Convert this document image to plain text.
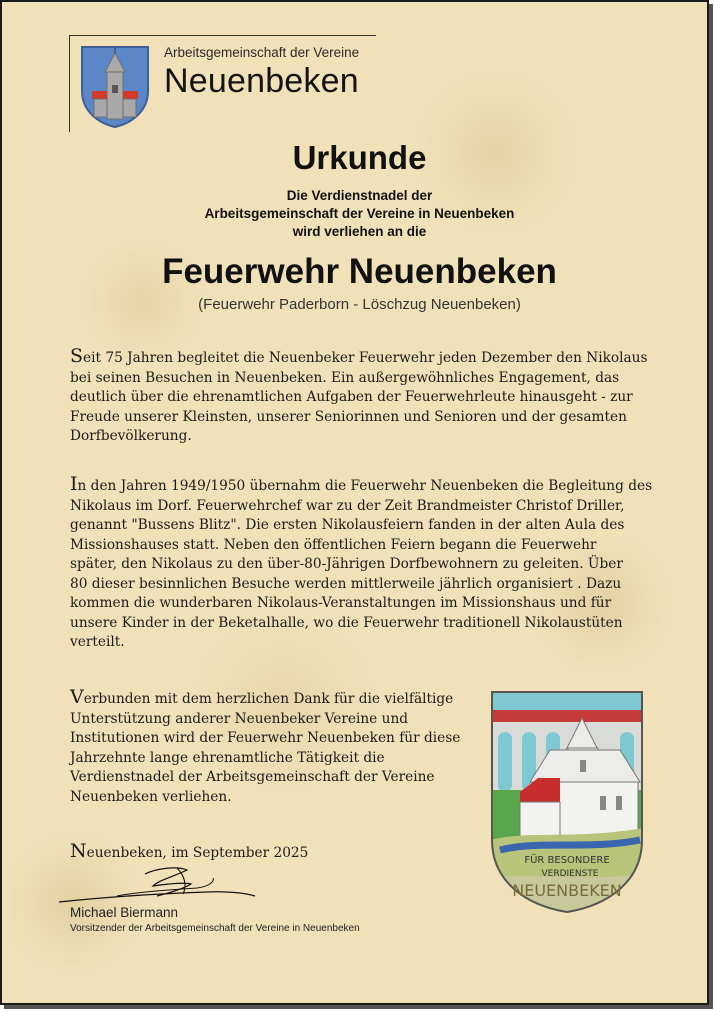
Arbeitsgemeinschaft der Vereine
Neuenbeken
Urkunde
Die Verdienstnadel der
Arbeitsgemeinschaft der Vereine in Neuenbeken
wird verliehen an die
Feuerwehr Neuenbeken
(Feuerwehr Paderborn - Löschzug Neuenbeken)
Seit 75 Jahren begleitet die Neuenbeker Feuerwehr jeden Dezember den Nikolaus
bei seinen Besuchen in Neuenbeken. Ein außergewöhnliches Engagement, das
deutlich über die ehrenamtlichen Aufgaben der Feuerwehrleute hinausgeht - zur
Freude unserer Kleinsten, unserer Seniorinnen und Senioren und der gesamten
Dorfbevölkerung.
In den Jahren 1949/1950 übernahm die Feuerwehr Neuenbeken die Begleitung des
Nikolaus im Dorf. Feuerwehrchef war zu der Zeit Brandmeister Christof Driller,
genannt "Bussens Blitz". Die ersten Nikolausfeiern fanden in der alten Aula des
Missionshauses statt. Neben den öffentlichen Feiern begann die Feuerwehr
später, den Nikolaus zu den über-80-Jährigen Dorfbewohnern zu geleiten. Über
80 dieser besinnlichen Besuche werden mittlerweile jährlich organisiert . Dazu
kommen die wunderbaren Nikolaus-Veranstaltungen im Missionshaus und für
unsere Kinder in der Beketalhalle, wo die Feuerwehr traditionell Nikolaustüten
verteilt.
Verbunden mit dem herzlichen Dank für die vielfältige
Unterstützung anderer Neuenbeker Vereine und
Institutionen wird der Feuerwehr Neuenbeken für diese
Jahrzehnte lange ehrenamtliche Tätigkeit die
Verdienstnadel der Arbeitsgemeinschaft der Vereine
Neuenbeken verliehen.
Neuenbeken, im September 2025
Michael Biermann
Vorsitzender der Arbeitsgemeinschaft der Vereine in Neuenbeken
FÜR BESONDERE
VERDIENSTE
NEUENBEKEN
